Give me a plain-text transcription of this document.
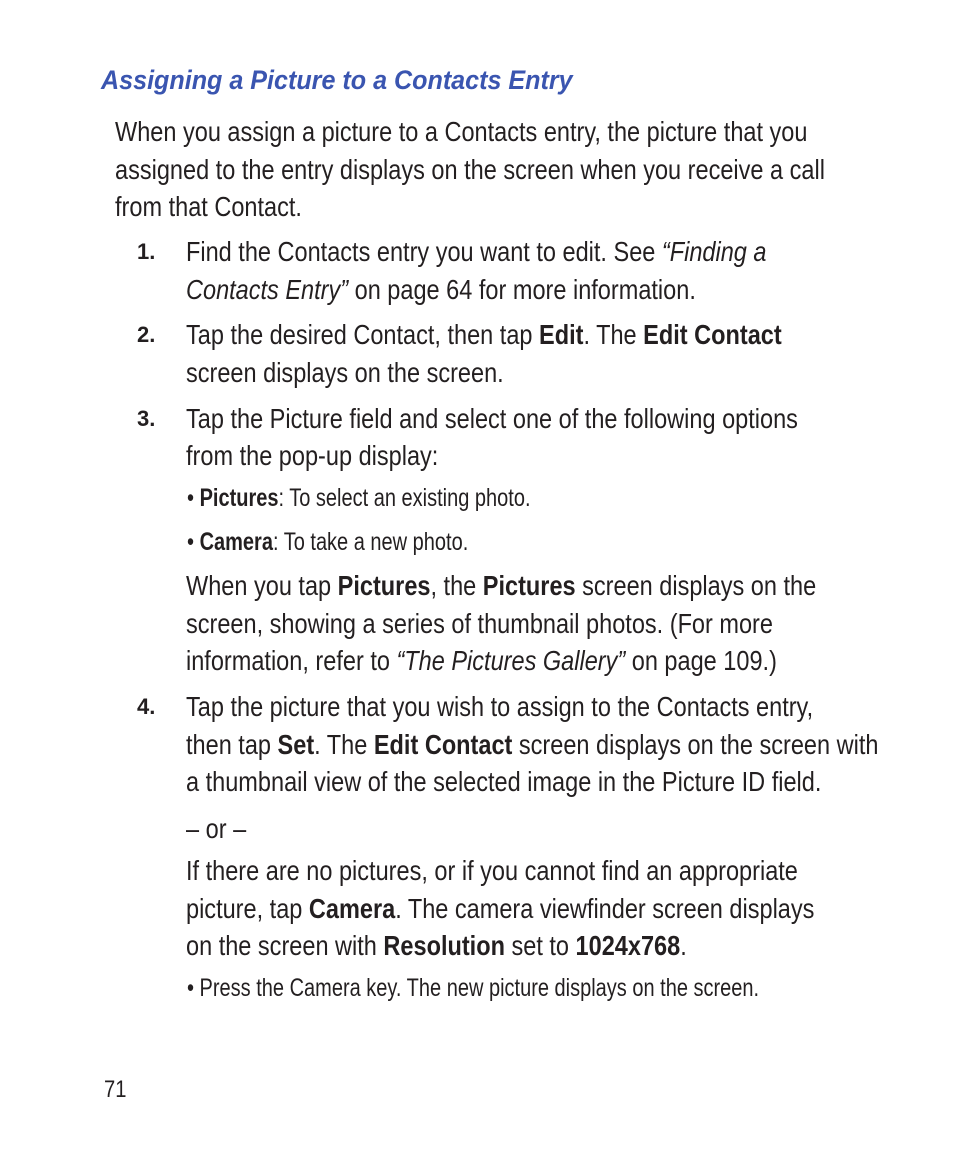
Assigning a Picture to a Contacts Entry
When you assign a picture to a Contacts entry, the picture that you
assigned to the entry displays on the screen when you receive a call
from that Contact.
Find the Contacts entry you want to edit. See “Finding a
1.
Contacts Entry” on page 64 for more information.
Tap the desired Contact, then tap Edit. The Edit Contact
2.
screen displays on the screen.
Tap the Picture field and select one of the following options
3.
from the pop-up display:
• Pictures: To select an existing photo.
• Camera: To take a new photo.
When you tap Pictures, the Pictures screen displays on the
screen, showing a series of thumbnail photos. (For more
information, refer to “The Pictures Gallery” on page 109.)
Tap the picture that you wish to assign to the Contacts entry,
4.
then tap Set. The Edit Contact screen displays on the screen with
a thumbnail view of the selected image in the Picture ID field.
– or –
If there are no pictures, or if you cannot find an appropriate
picture, tap Camera. The camera viewfinder screen displays
on the screen with Resolution set to 1024x768.
• Press the Camera key. The new picture displays on the screen.
71
